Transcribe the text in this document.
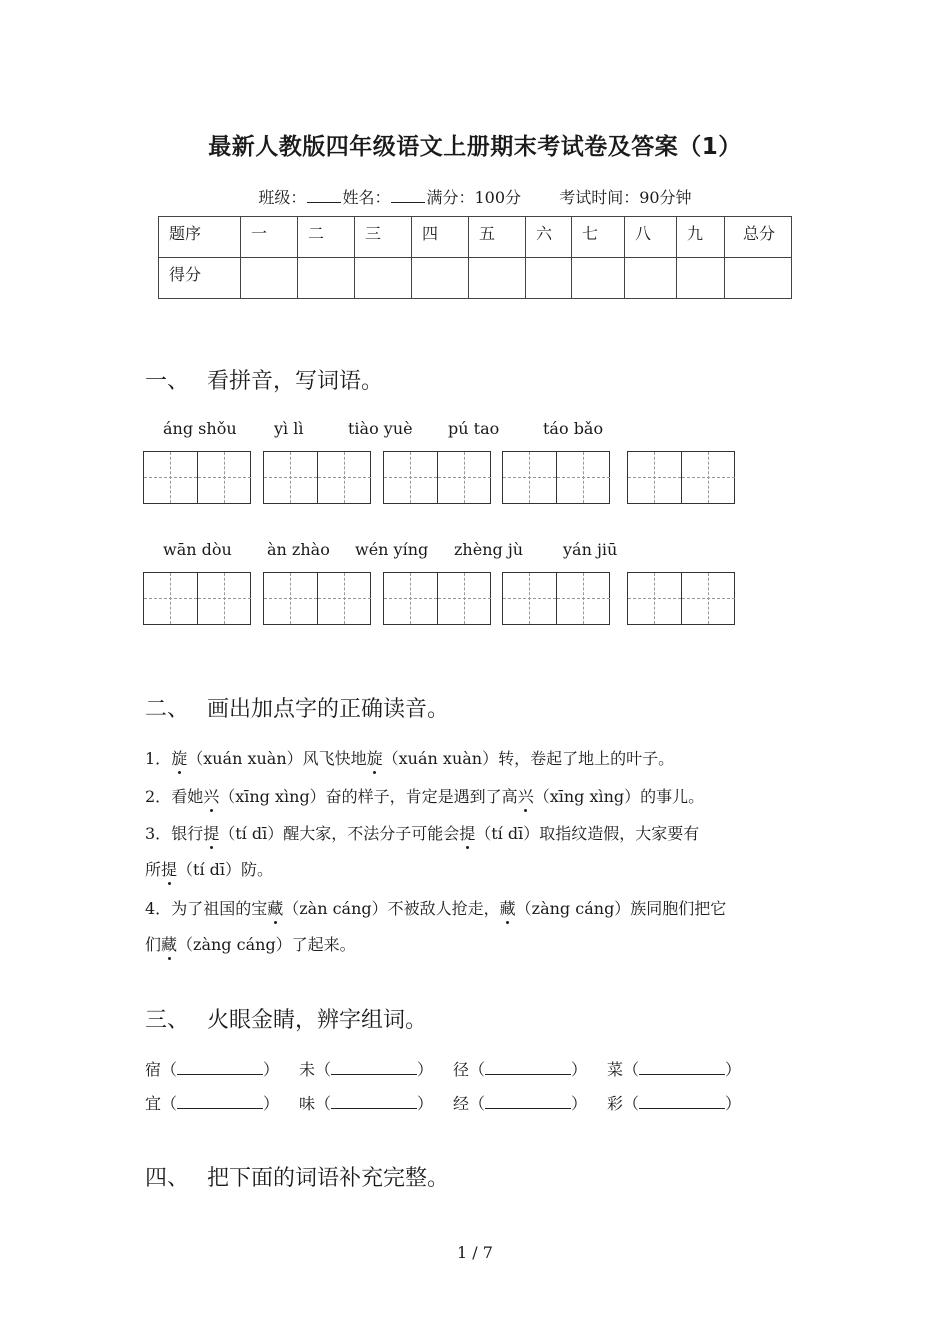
最新人教版四年级语文上册期末考试卷及答案（1）
班级： 姓名： 满分：100分 考试时间：90分钟
题序	一	二	三	四	五	六	七	八	九	总分
得分										
一、 看拼音，写词语。
áng shǒu yì lì	tiào yuè pú tao	táo bǎo
wān dòu àn zhào wén yíng zhèng jù yán jiū
二、 画出加点字的正确读音。
1．旋（xuán xuàn）风飞快地旋（xuán xuàn）转，卷起了地上的叶子。
2．看她兴（xīng xìng）奋的样子，肯定是遇到了高兴（xīng xìng）的事儿。
3．银行提（tí dī）醒大家，不法分子可能会提（tí dī）取指纹造假，大家要有
所提（tí dī）防。
4．为了祖国的宝藏（zàn cáng）不被敌人抢走，藏（zàng cáng）族同胞们把它
们藏（zàng cáng）了起来。
三、 火眼金睛，辨字组词。
宿（	） 未（	） 径（	） 菜（	）
宜（	） 味（	） 经（	） 彩（	）
四、 把下面的词语补充完整。
1 / 7
